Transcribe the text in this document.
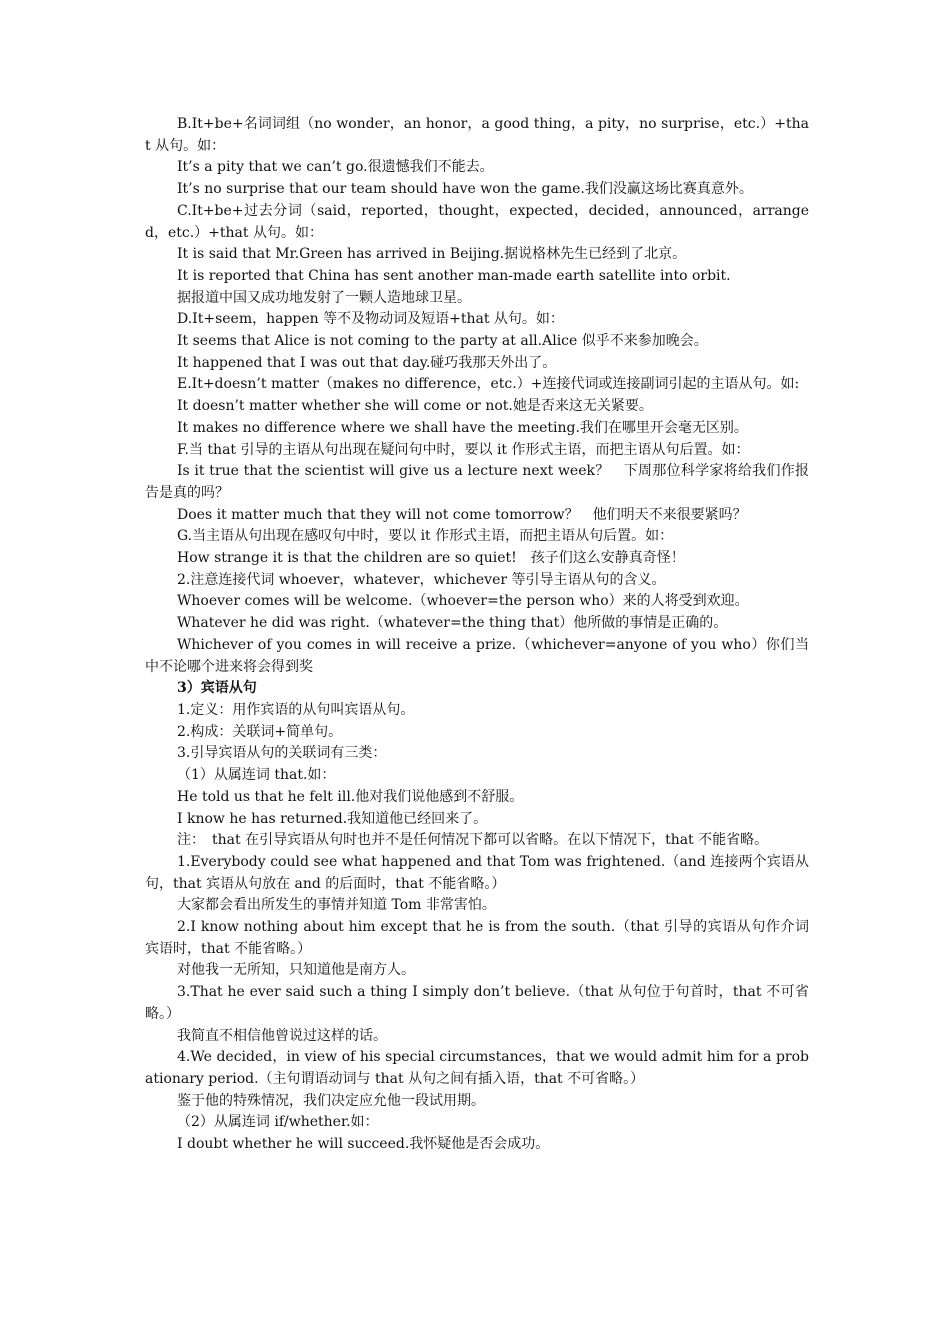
B.It+be+名词词组（no wonder，an honor，a good thing，a pity，no surprise，etc.）+that 从句。如：

It’s a pity that we can’t go.很遗憾我们不能去。

It’s no surprise that our team should have won the game.我们没赢这场比赛真意外。

C.It+be+过去分词（said，reported，thought，expected，decided，announced，arranged，etc.）+that 从句。如：

It is said that Mr.Green has arrived in Beijing.据说格林先生已经到了北京。

It is reported that China has sent another man-made earth satellite into orbit.

据报道中国又成功地发射了一颗人造地球卫星。

D.It+seem，happen 等不及物动词及短语+that 从句。如：

It seems that Alice is not coming to the party at all.Alice 似乎不来参加晚会。

It happened that I was out that day.碰巧我那天外出了。

E.It+doesn’t matter（makes no difference，etc.）+连接代词或连接副词引起的主语从句。如:

It doesn’t matter whether she will come or not.她是否来这无关紧要。

It makes no difference where we shall have the meeting.我们在哪里开会毫无区别。

F.当 that 引导的主语从句出现在疑问句中时，要以 it 作形式主语，而把主语从句后置。如：

Is it true that the scientist will give us a lecture next week？　下周那位科学家将给我们作报告是真的吗？

Does it matter much that they will not come tomorrow？　他们明天不来很要紧吗？

G.当主语从句出现在感叹句中时，要以 it 作形式主语，而把主语从句后置。如：

How strange it is that the children are so quiet!　孩子们这么安静真奇怪！

2.注意连接代词 whoever，whatever，whichever 等引导主语从句的含义。

Whoever comes will be welcome.（whoever=the person who）来的人将受到欢迎。

Whatever he did was right.（whatever=the thing that）他所做的事情是正确的。

Whichever of you comes in will receive a prize.（whichever=anyone of you who）你们当中不论哪个进来将会得到奖

3）宾语从句

1.定义：用作宾语的从句叫宾语从句。

2.构成：关联词+简单句。

3.引导宾语从句的关联词有三类：

（1）从属连词 that.如：

He told us that he felt ill.他对我们说他感到不舒服。

I know he has returned.我知道他已经回来了。

注：　that 在引导宾语从句时也并不是任何情况下都可以省略。在以下情况下，that 不能省略。

1.Everybody could see what happened and that Tom was frightened.（and 连接两个宾语从句，that 宾语从句放在 and 的后面时，that 不能省略。）

大家都会看出所发生的事情并知道 Tom 非常害怕。

2.I know nothing about him except that he is from the south.（that 引导的宾语从句作介词宾语时，that 不能省略。）

对他我一无所知，只知道他是南方人。

3.That he ever said such a thing I simply don’t believe.（that 从句位于句首时，that 不可省略。）

我简直不相信他曾说过这样的话。

4.We decided，in view of his special circumstances，that we would admit him for a probationary period.（主句谓语动词与 that 从句之间有插入语，that 不可省略。）

鉴于他的特殊情况，我们决定应允他一段试用期。

（2）从属连词 if/whether.如：

I doubt whether he will succeed.我怀疑他是否会成功。
